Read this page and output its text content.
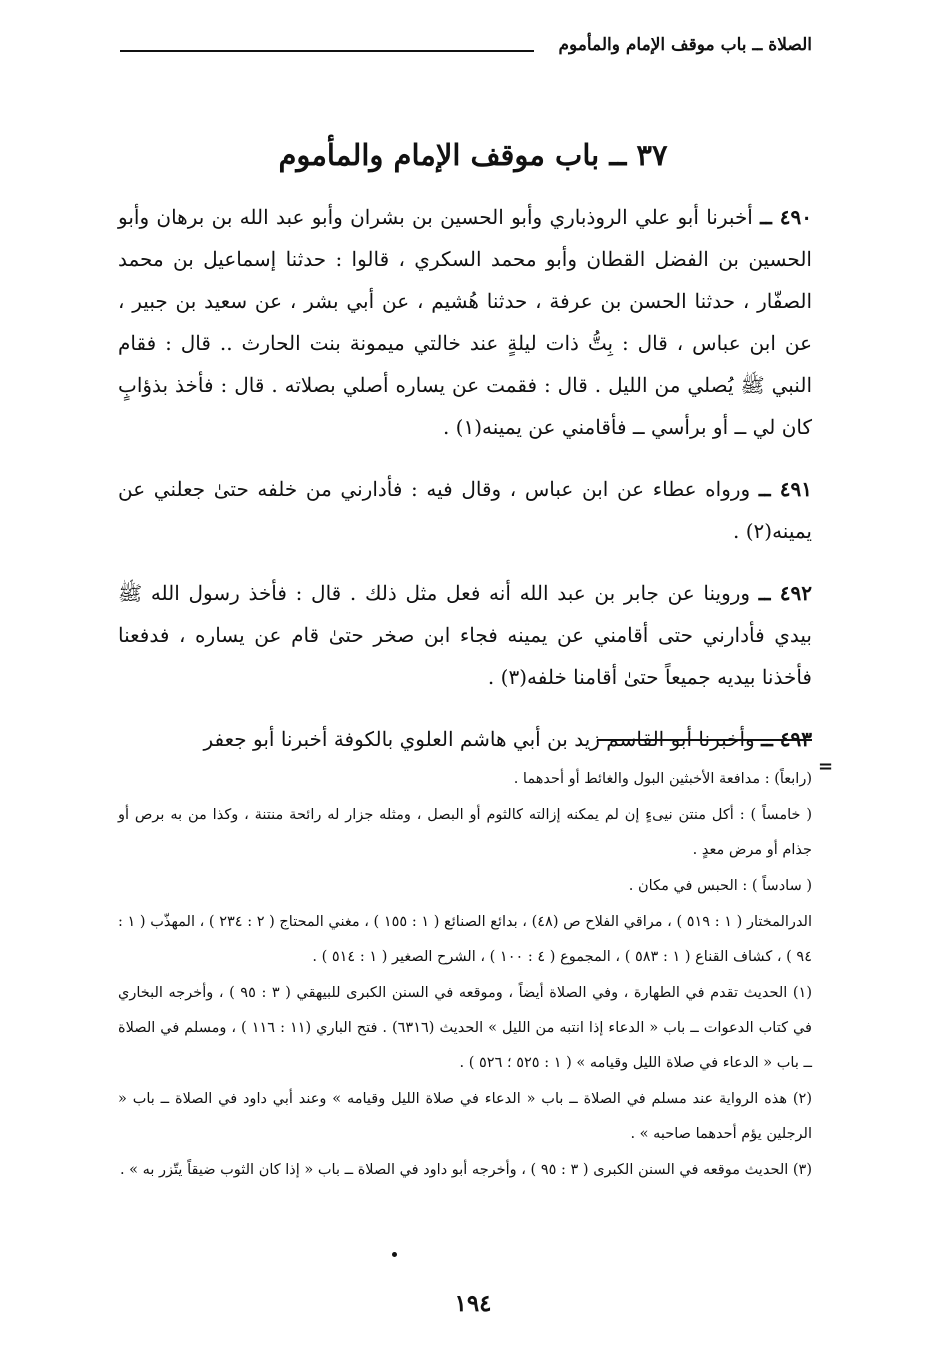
الصلاة ــ باب موقف الإمام والمأموم
٣٧ ــ باب موقف الإمام والمأموم

٤٩٠ ــ أخبرنا أبو علي الروذباري وأبو الحسين بن بشران وأبو عبد الله بن برهان وأبو الحسين بن الفضل القطان وأبو محمد السكري ، قالوا : حدثنا إسماعيل بن محمد الصفّار ، حدثنا الحسن بن عرفة ، حدثنا هُشيم ، عن أبي بشر ، عن سعيد بن جبير ، عن ابن عباس ، قال : بِتُّ ذات ليلةٍ عند خالتي ميمونة بنت الحارث .. قال : فقام النبي ﷺ يُصلي من الليل . قال : فقمت عن يساره أصلي بصلاته . قال : فأخذ بذؤابٍ كان لي ــ أو برأسي ــ فأقامني عن يمينه(١) .

٤٩١ ــ ورواه عطاء عن ابن عباس ، وقال فيه : فأدارني من خلفه حتىٰ جعلني عن يمينه(٢) .

٤٩٢ ــ وروينا عن جابر بن عبد الله أنه فعل مثل ذلك . قال : فأخذ رسول الله ﷺ بيدي فأدارني حتى أقامني عن يمينه فجاء ابن صخر حتىٰ قام عن يساره ، فدفعنا فأخذنا بيديه جميعاً حتىٰ أقامنا خلفه(٣) .

٤٩٣ ــ وأخبرنا أبو القاسم زيد بن أبي هاشم العلوي بالكوفة أخبرنا أبو جعفر

=

(رابعاً) : مدافعة الأخبثين البول والغائط أو أحدهما .

( خامساً ) : أكل منتن نيىءٍ إن لم يمكنه إزالته كالثوم أو البصل ، ومثله جزار له رائحة منتنة ، وكذا من به برص أو جذام أو مرض معدٍ .

( سادساً ) : الحبس في مكان .

الدرالمختار ( ١ : ٥١٩ ) ، مراقي الفلاح ص (٤٨) ، بدائع الصنائع ( ١ : ١٥٥ ) ، مغني المحتاج ( ٢ : ٢٣٤ ) ، المهذّب ( ١ : ٩٤ ) ، كشاف القناع ( ١ : ٥٨٣ ) ، المجموع ( ٤ : ١٠٠ ) ، الشرح الصغير ( ١ : ٥١٤ ) .

(١) الحديث تقدم في الطهارة ، وفي الصلاة أيضاً ، وموقعه في السنن الكبرى للبيهقي ( ٣ : ٩٥ ) ، وأخرجه البخاري في كتاب الدعوات ــ باب « الدعاء إذا انتبه من الليل » الحديث (٦٣١٦) . فتح الباري (١١ : ١١٦ ) ، ومسلم في الصلاة ــ باب « الدعاء في صلاة الليل وقيامه » ( ١ : ٥٢٥ ؛ ٥٢٦ ) .

(٢) هذه الرواية عند مسلم في الصلاة ــ باب « الدعاء في صلاة الليل وقيامه » وعند أبي داود في الصلاة ــ باب « الرجلين يؤم أحدهما صاحبه » .

(٣) الحديث موقعه في السنن الكبرى ( ٣ : ٩٥ ) ، وأخرجه أبو داود في الصلاة ــ باب « إذا كان الثوب ضيقاً يتّزر به » .

١٩٤
